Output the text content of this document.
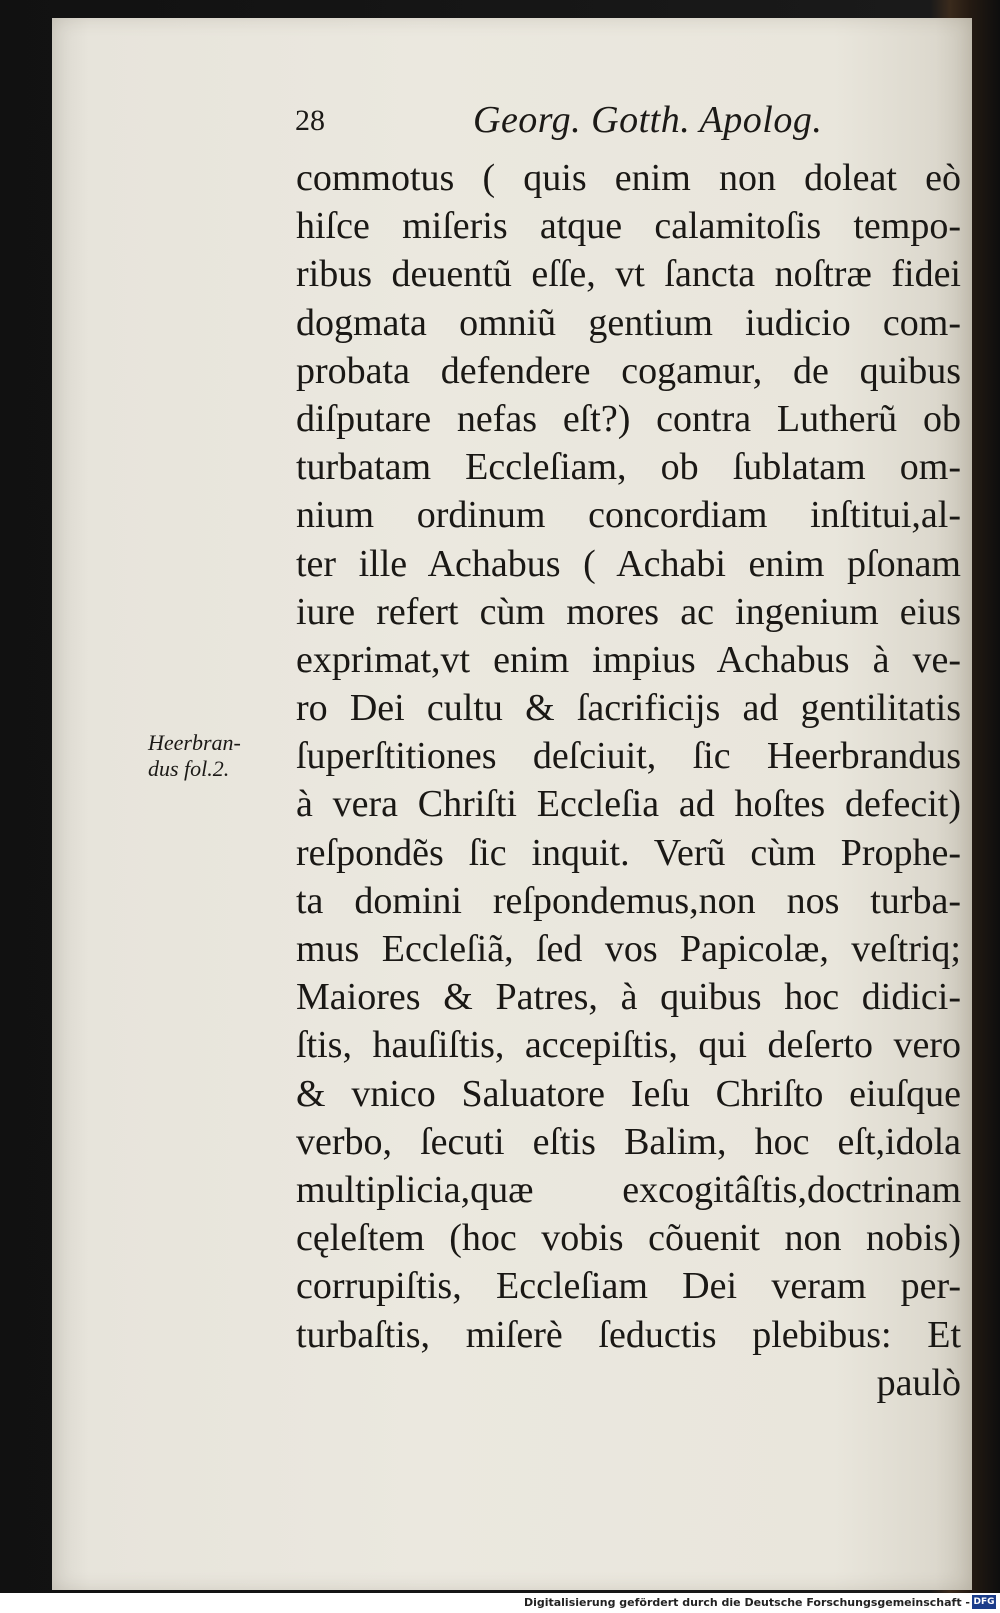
28	Georg. Gotth. Apolog.
Heerbran-
dus fol.2.
commotus ( quis enim non doleat eò
hiſce miſeris atque calamitoſis tempo-
ribus deuentũ eſſe, vt ſancta noſtræ fidei
dogmata omniũ gentium iudicio com-
probata defendere cogamur, de quibus
diſputare nefas eſt?) contra Lutherũ ob
turbatam Eccleſiam, ob ſublatam om-
nium ordinum concordiam inſtitui,al-
ter ille Achabus ( Achabi enim pſonam
iure refert cùm mores ac ingenium eius
exprimat,vt enim impius Achabus à ve-
ro Dei cultu & ſacrificijs ad gentilitatis
ſuperſtitiones deſciuit, ſic Heerbrandus
à vera Chriſti Eccleſia ad hoſtes defecit)
reſpondẽs ſic inquit. Verũ cùm Prophe-
ta domini reſpondemus,non nos turba-
mus Eccleſiã, ſed vos Papicolæ, veſtriq;
Maiores & Patres, à quibus hoc didici-
ſtis, hauſiſtis, accepiſtis, qui deſerto vero
& vnico Saluatore Ieſu Chriſto eiuſque
verbo, ſecuti eſtis Balim, hoc eſt,idola
multiplicia,quæ excogitâſtis,doctrinam
cęleſtem (hoc vobis cõuenit non nobis)
corrupiſtis, Eccleſiam Dei veram per-
turbaſtis, miſerè ſeductis plebibus: Et
paulò
Digitalisierung gefördert durch die Deutsche Forschungsgemeinschaft - DFG
